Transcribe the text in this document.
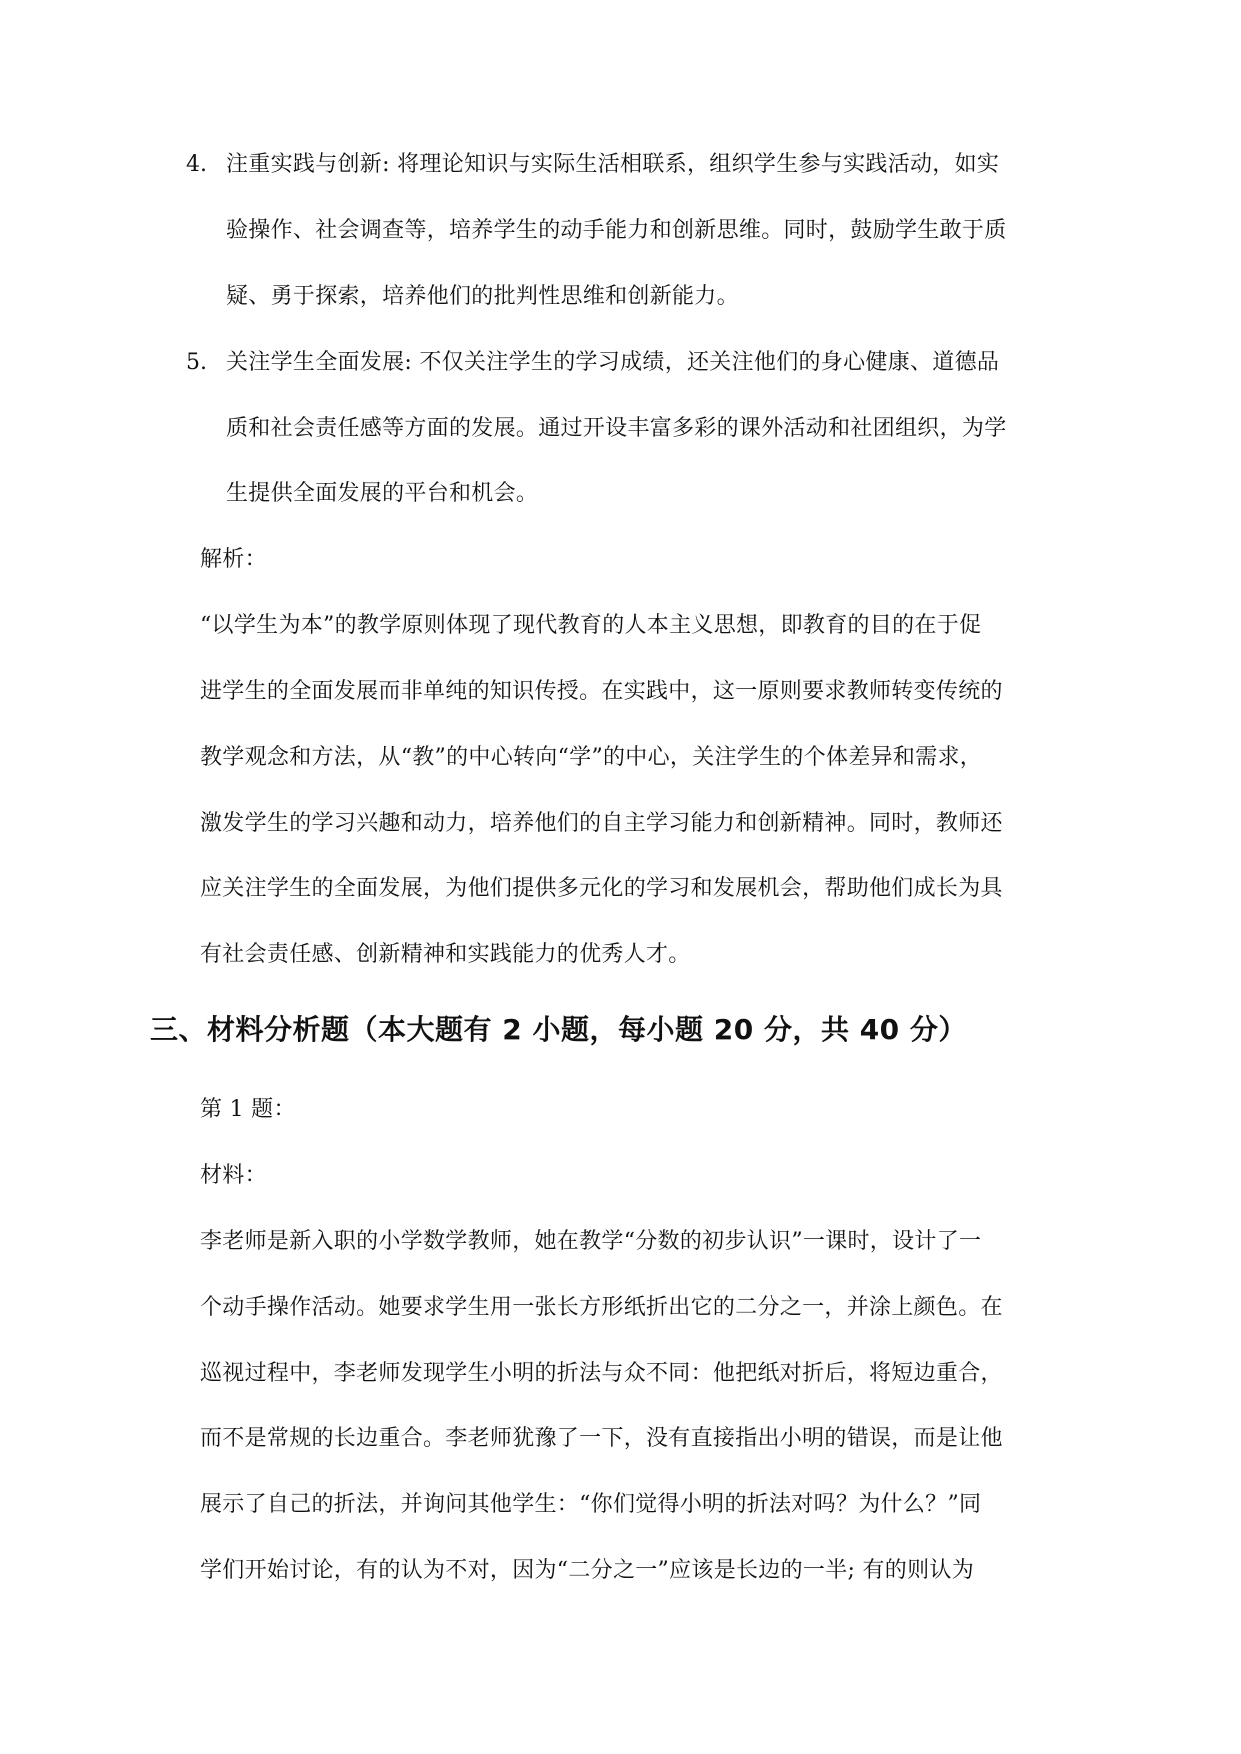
4. 注重实践与创新: 将理论知识与实际生活相联系，组织学生参与实践活动，如实
验操作、社会调查等，培养学生的动手能力和创新思维。同时，鼓励学生敢于质
疑、勇于探索，培养他们的批判性思维和创新能力。
5. 关注学生全面发展: 不仅关注学生的学习成绩，还关注他们的身心健康、道德品
质和社会责任感等方面的发展。通过开设丰富多彩的课外活动和社团组织，为学
生提供全面发展的平台和机会。
解析：
“以学生为本”的教学原则体现了现代教育的人本主义思想，即教育的目的在于促
进学生的全面发展而非单纯的知识传授。在实践中，这一原则要求教师转变传统的
教学观念和方法，从“教”的中心转向“学”的中心，关注学生的个体差异和需求，
激发学生的学习兴趣和动力，培养他们的自主学习能力和创新精神。同时，教师还
应关注学生的全面发展，为他们提供多元化的学习和发展机会，帮助他们成长为具
有社会责任感、创新精神和实践能力的优秀人才。
三、材料分析题（本大题有 2 小题，每小题 20 分，共 40 分）
第 1 题：
材料：
李老师是新入职的小学数学教师，她在教学“分数的初步认识”一课时，设计了一
个动手操作活动。她要求学生用一张长方形纸折出它的二分之一，并涂上颜色。在
巡视过程中，李老师发现学生小明的折法与众不同：他把纸对折后，将短边重合，
而不是常规的长边重合。李老师犹豫了一下，没有直接指出小明的错误，而是让他
展示了自己的折法，并询问其他学生：“你们觉得小明的折法对吗？为什么？”同
学们开始讨论，有的认为不对，因为“二分之一”应该是长边的一半; 有的则认为
